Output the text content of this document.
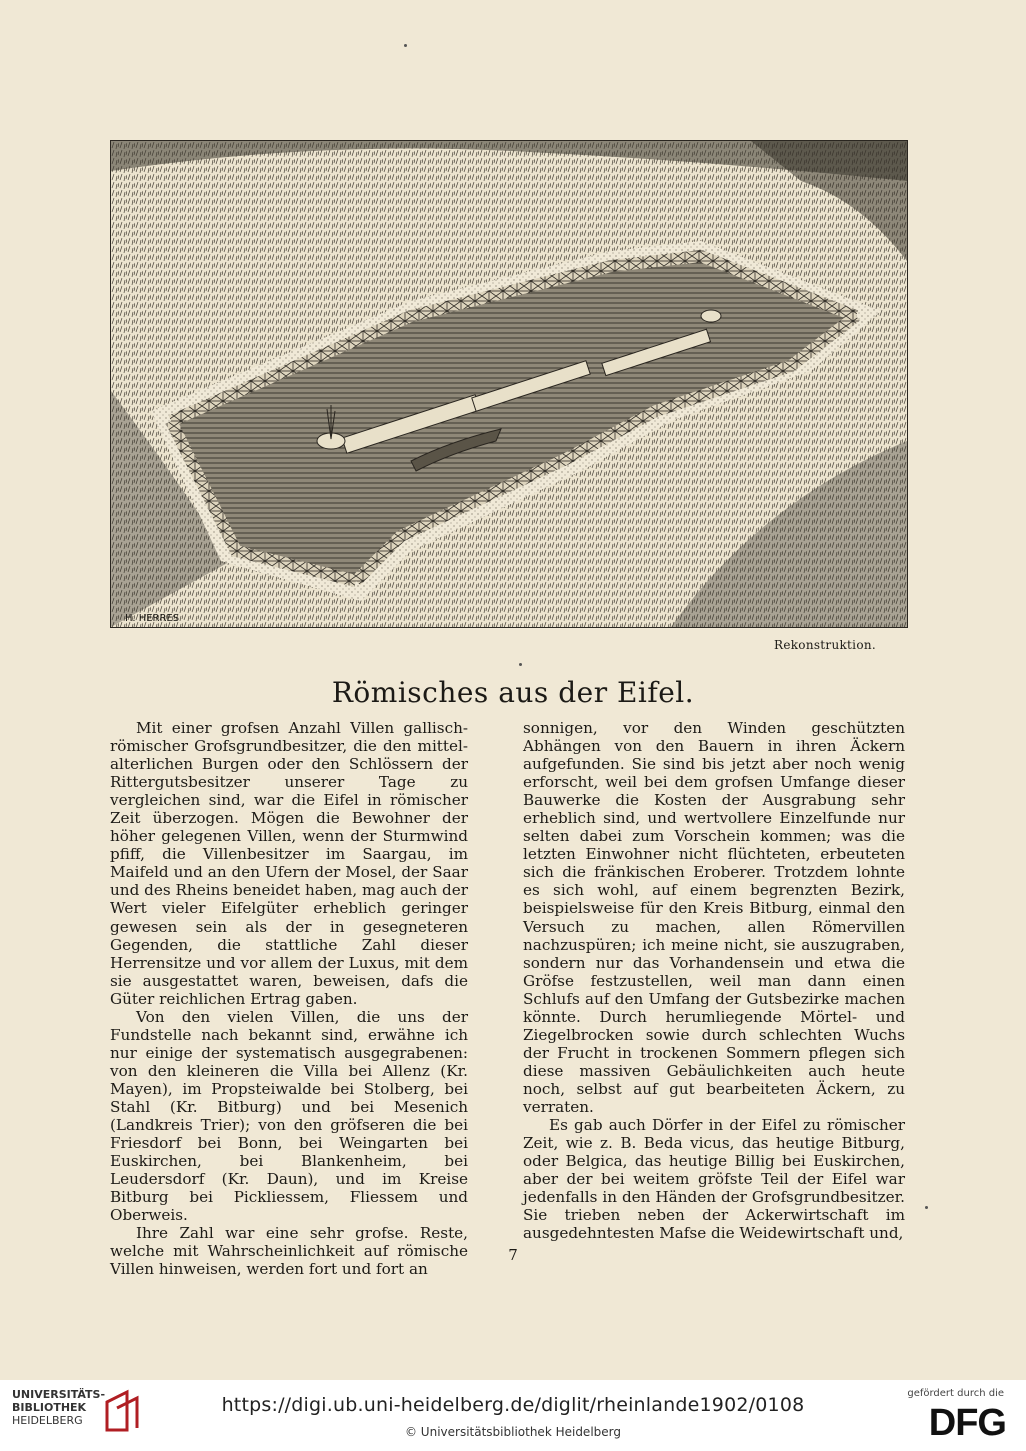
H. HERRES
Rekonstruktion.
Römisches aus der Eifel.

Mit einer grofsen Anzahl Villen gallisch-römischer Grofsgrundbesitzer, die den mittel-alterlichen Burgen oder den Schlössern der Rittergutsbesitzer unserer Tage zu vergleichen sind, war die Eifel in römischer Zeit überzogen. Mögen die Bewohner der höher gelegenen Villen, wenn der Sturmwind pfiff, die Villenbesitzer im Saargau, im Maifeld und an den Ufern der Mosel, der Saar und des Rheins beneidet haben, mag auch der Wert vieler Eifelgüter erheblich geringer gewesen sein als der in gesegneteren Gegenden, die stattliche Zahl dieser Herrensitze und vor allem der Luxus, mit dem sie ausgestattet waren, beweisen, dafs die Güter reichlichen Ertrag gaben.

Von den vielen Villen, die uns der Fundstelle nach bekannt sind, erwähne ich nur einige der systematisch ausgegrabenen: von den kleineren die Villa bei Allenz (Kr. Mayen), im Propsteiwalde bei Stolberg, bei Stahl (Kr. Bitburg) und bei Mesenich (Landkreis Trier); von den gröfseren die bei Friesdorf bei Bonn, bei Weingarten bei Euskirchen, bei Blankenheim, bei Leudersdorf (Kr. Daun), und im Kreise Bitburg bei Pickliessem, Fliessem und Oberweis.

Ihre Zahl war eine sehr grofse. Reste, welche mit Wahrscheinlichkeit auf römische Villen hinweisen, werden fort und fort an

sonnigen, vor den Winden geschützten Abhängen von den Bauern in ihren Äckern aufgefunden. Sie sind bis jetzt aber noch wenig erforscht, weil bei dem grofsen Umfange dieser Bauwerke die Kosten der Ausgrabung sehr erheblich sind, und wertvollere Einzelfunde nur selten dabei zum Vorschein kommen; was die letzten Einwohner nicht flüchteten, erbeuteten sich die fränkischen Eroberer. Trotzdem lohnte es sich wohl, auf einem begrenzten Bezirk, beispielsweise für den Kreis Bitburg, einmal den Versuch zu machen, allen Römervillen nachzuspüren; ich meine nicht, sie auszugraben, sondern nur das Vorhandensein und etwa die Gröfse festzustellen, weil man dann einen Schlufs auf den Umfang der Gutsbezirke machen könnte. Durch herumliegende Mörtel- und Ziegelbrocken sowie durch schlechten Wuchs der Frucht in trockenen Sommern pflegen sich diese massiven Gebäulichkeiten auch heute noch, selbst auf gut bearbeiteten Äckern, zu verraten.

Es gab auch Dörfer in der Eifel zu römischer Zeit, wie z. B. Beda vicus, das heutige Bitburg, oder Belgica, das heutige Billig bei Euskirchen, aber der bei weitem gröfste Teil der Eifel war jedenfalls in den Händen der Grofsgrundbesitzer. Sie trieben neben der Ackerwirtschaft im ausgedehntesten Mafse die Weidewirtschaft und,

7
UNIVERSITÄTS-
BIBLIOTHEK
HEIDELBERG
https://digi.ub.uni-heidelberg.de/diglit/rheinlande1902/0108
© Universitätsbibliothek Heidelberg
gefördert durch die
DFG
